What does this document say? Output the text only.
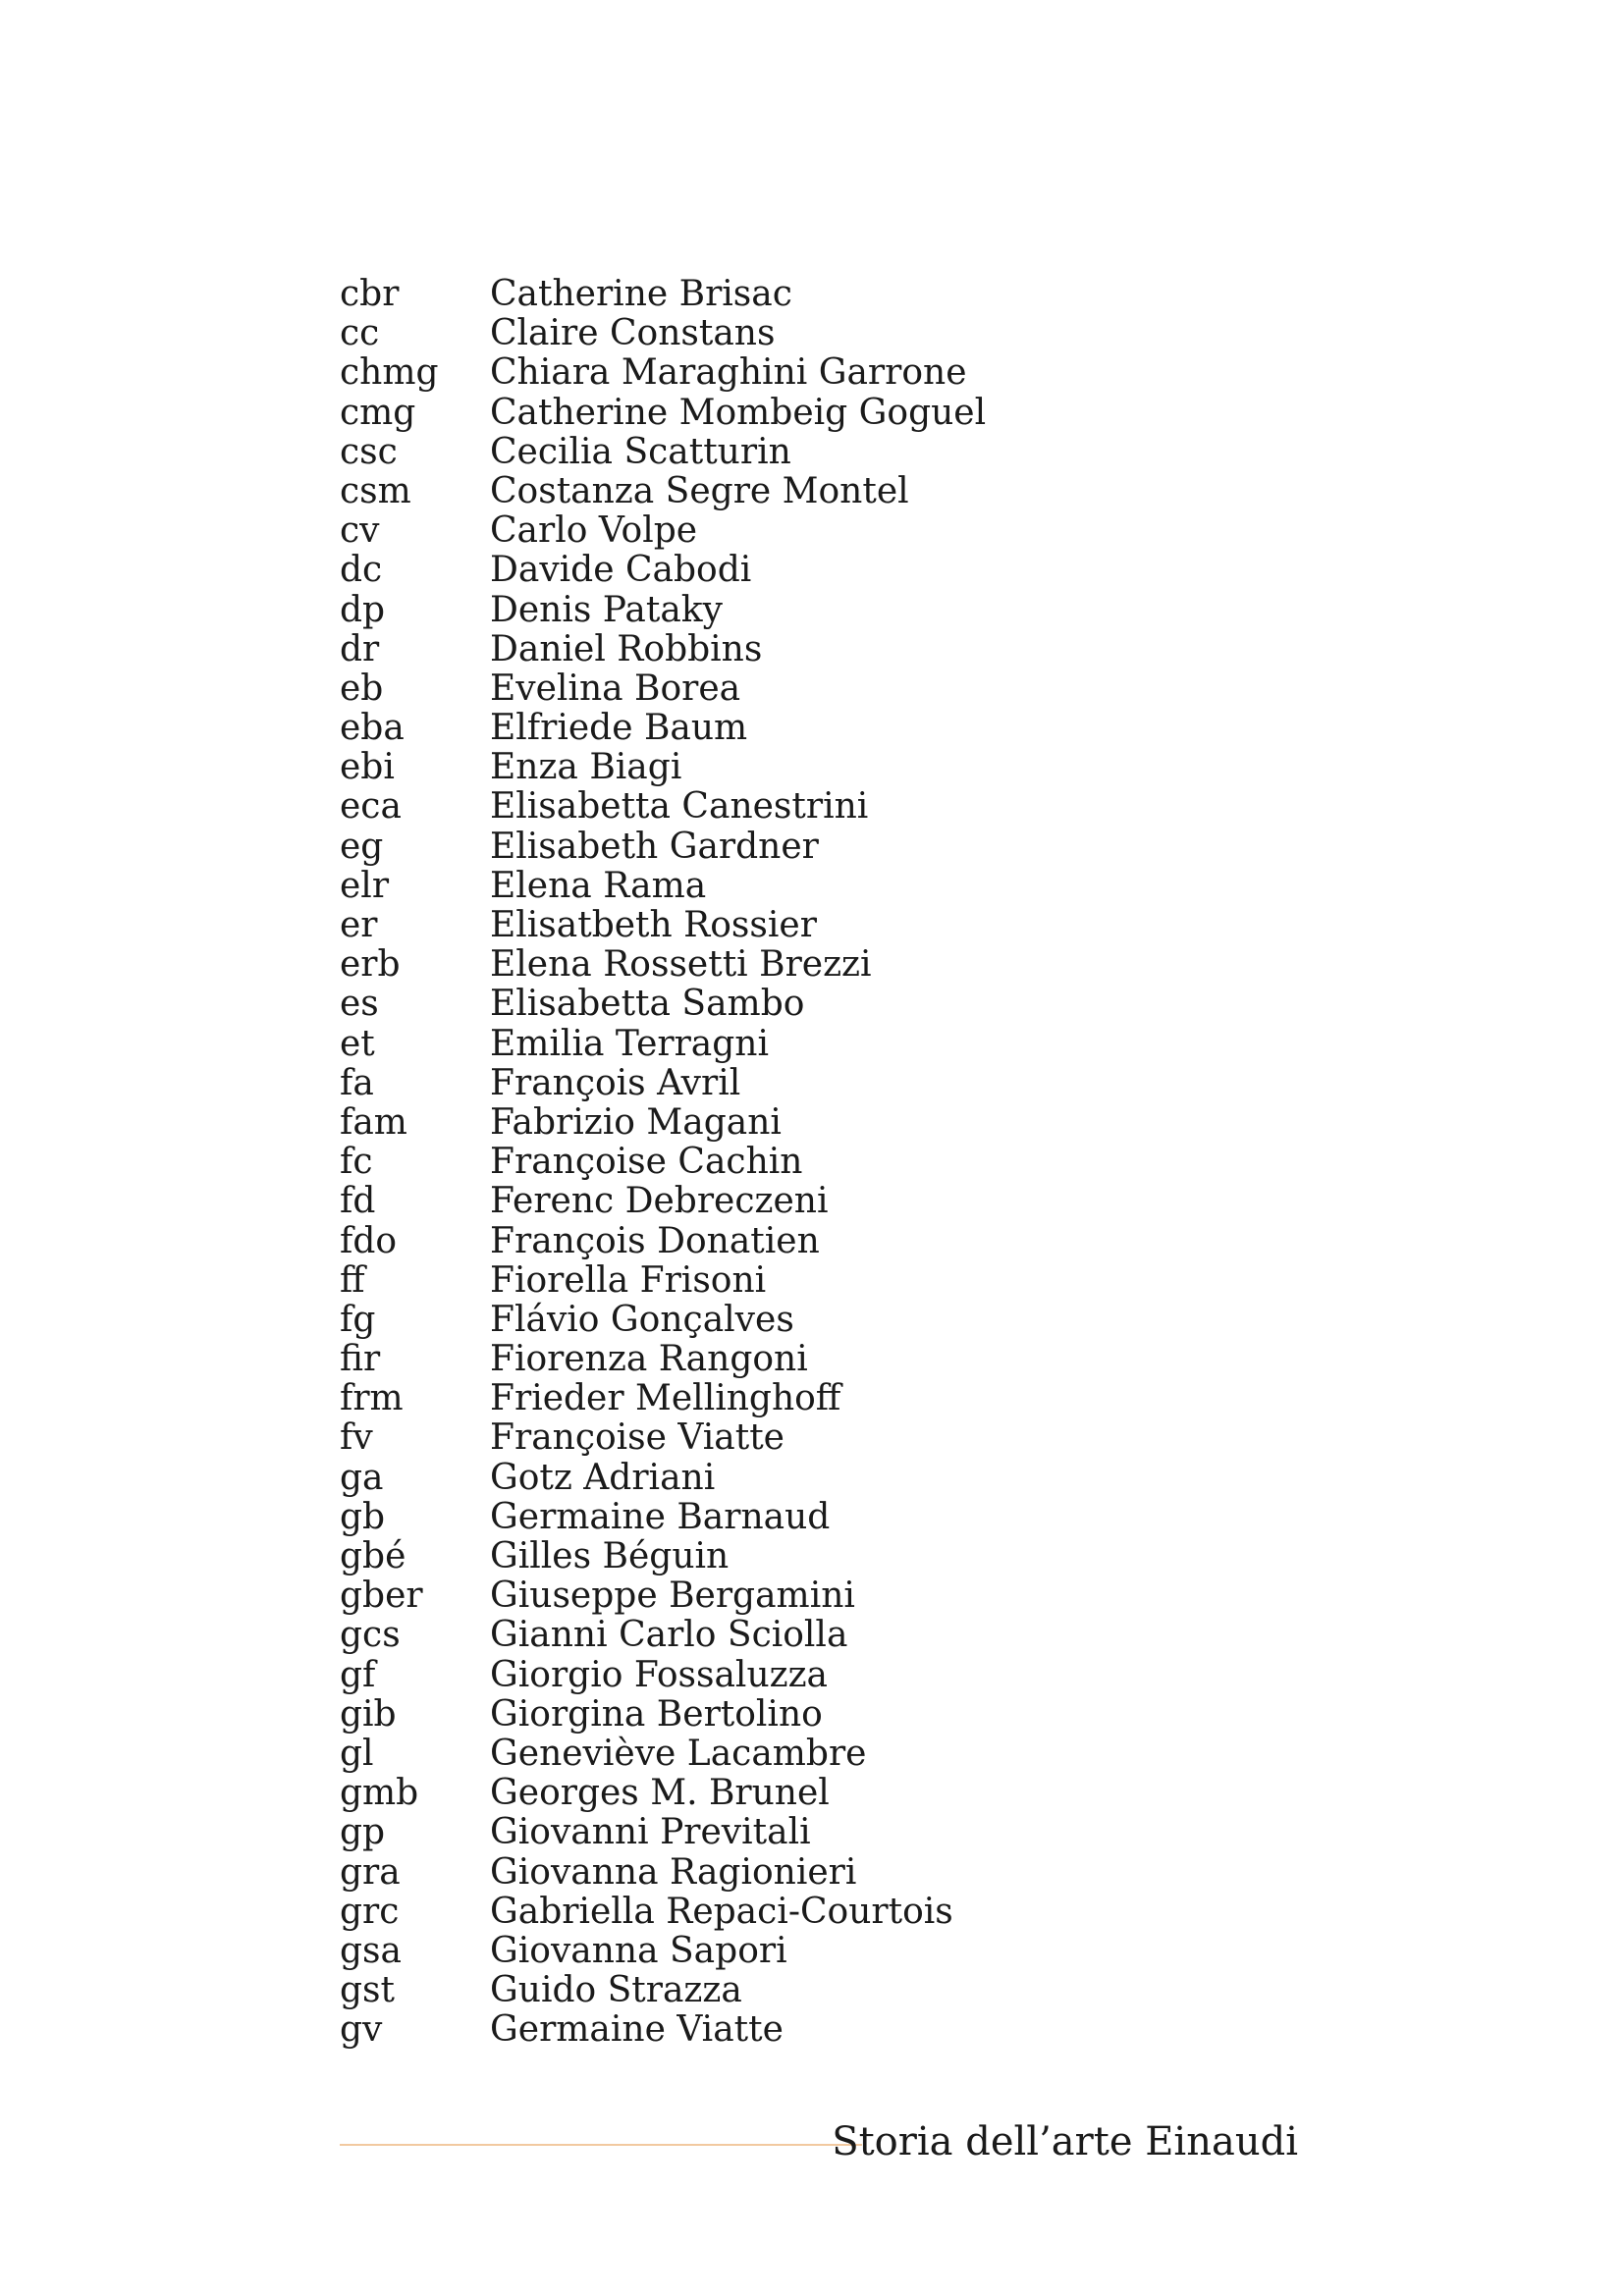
cbr	Catherine Brisac
cc	Claire Constans
chmg	Chiara Maraghini Garrone
cmg	Catherine Mombeig Goguel
csc	Cecilia Scatturin
csm	Costanza Segre Montel
cv	Carlo Volpe
dc	Davide Cabodi
dp	Denis Pataky
dr	Daniel Robbins
eb	Evelina Borea
eba	Elfriede Baum
ebi	Enza Biagi
eca	Elisabetta Canestrini
eg	Elisabeth Gardner
elr	Elena Rama
er	Elisatbeth Rossier
erb	Elena Rossetti Brezzi
es	Elisabetta Sambo
et	Emilia Terragni
fa	François Avril
fam	Fabrizio Magani
fc	Françoise Cachin
fd	Ferenc Debreczeni
fdo	François Donatien
ff	Fiorella Frisoni
fg	Flávio Gonçalves
fir	Fiorenza Rangoni
frm	Frieder Mellinghoff
fv	Françoise Viatte
ga	Gotz Adriani
gb	Germaine Barnaud
gbé	Gilles Béguin
gber	Giuseppe Bergamini
gcs	Gianni Carlo Sciolla
gf	Giorgio Fossaluzza
gib	Giorgina Bertolino
gl	Geneviève Lacambre
gmb	Georges M. Brunel
gp	Giovanni Previtali
gra	Giovanna Ragionieri
grc	Gabriella Repaci-Courtois
gsa	Giovanna Sapori
gst	Guido Strazza
gv	Germaine Viatte
Storia dell’arte Einaudi
